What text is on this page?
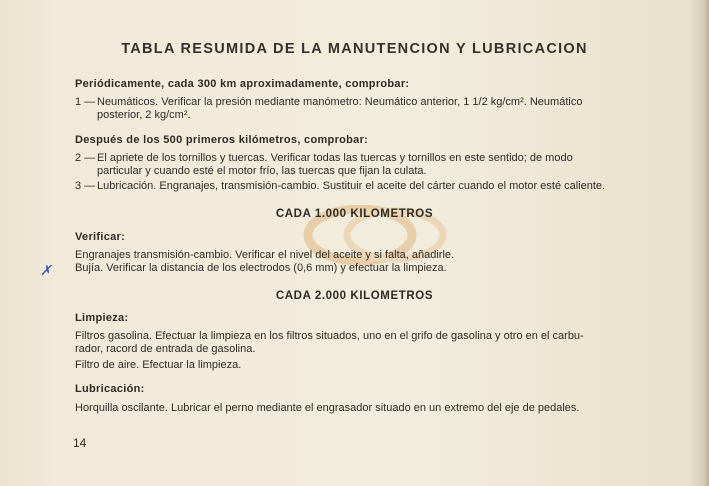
TABLA RESUMIDA DE LA MANUTENCION Y LUBRICACION
Periódicamente, cada 300 km aproximadamente, comprobar:
1 — Neumáticos. Verificar la presión mediante manómetro: Neumático anterior, 1 1/2 kg/cm². Neumático
posterior, 2 kg/cm².
Después de los 500 primeros kilómetros, comprobar:
2 — El apriete de los tornillos y tuercas. Verificar todas las tuercas y tornillos en este sentido; de modo
particular y cuando esté el motor frío, las tuercas que fijan la culata.
3 — Lubricación. Engranajes, transmisión-cambio. Sustituir el aceite del cárter cuando el motor esté caliente.
CADA 1.000 KILOMETROS
Verificar:
Engranajes transmisión-cambio. Verificar el nivel del aceite y si falta, añadirle.
Bujía. Verificar la distancia de los electrodos (0,6 mm) y efectuar la limpieza.
✗
CADA 2.000 KILOMETROS
Limpieza:
Filtros gasolina. Efectuar la limpieza en los filtros situados, uno en el grifo de gasolina y otro en el carbu-
rador, racord de entrada de gasolina.
Filtro de aire. Efectuar la limpieza.
Lubricación:
Horquilla oscilante. Lubricar el perno mediante el engrasador situado en un extremo del eje de pedales.
14
